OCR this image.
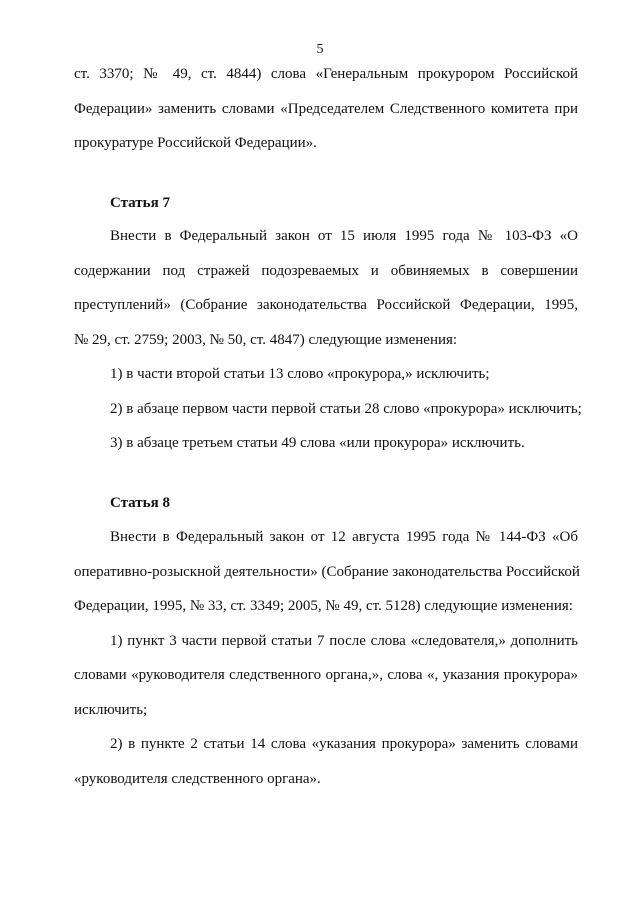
5
ст. 3370; № 49, ст. 4844) слова «Генеральным прокурором Российской
Федерации» заменить словами «Председателем Следственного комитета при
прокуратуре Российской Федерации».
Статья 7
Внести в Федеральный закон от 15 июля 1995 года № 103-ФЗ «О
содержании под стражей подозреваемых и обвиняемых в совершении
преступлений» (Собрание законодательства Российской Федерации, 1995,
№ 29, ст. 2759; 2003, № 50, ст. 4847) следующие изменения:
1) в части второй статьи 13 слово «прокурора,» исключить;
2) в абзаце первом части первой статьи 28 слово «прокурора» исключить;
3) в абзаце третьем статьи 49 слова «или прокурора» исключить.
Статья 8
Внести в Федеральный закон от 12 августа 1995 года № 144-ФЗ «Об
оперативно-розыскной деятельности» (Собрание законодательства Российской
Федерации, 1995, № 33, ст. 3349; 2005, № 49, ст. 5128) следующие изменения:
1) пункт 3 части первой статьи 7 после слова «следователя,» дополнить
словами «руководителя следственного органа,», слова «, указания прокурора»
исключить;
2) в пункте 2 статьи 14 слова «указания прокурора» заменить словами
«руководителя следственного органа».
